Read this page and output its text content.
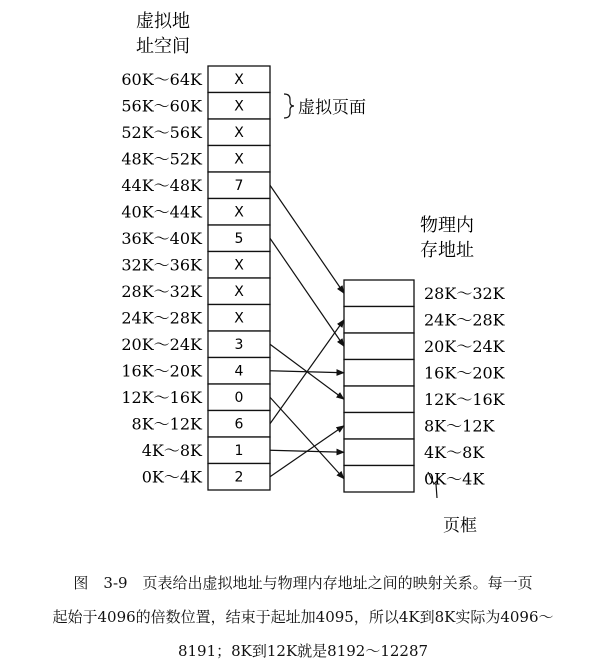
虚拟地
址空间
物理内
存地址
虚拟页面
X
60K～64K
X
56K～60K
X
52K～56K
X
48K～52K
7
44K～48K
X
40K～44K
5
36K～40K
X
32K～36K
X
28K～32K
X
24K～28K
3
20K～24K
4
16K～20K
0
12K～16K
6
8K～12K
1
4K～8K
2
0K～4K
28K～32K
24K～28K
20K～24K
16K～20K
12K～16K
8K～12K
4K～8K
0K～4K
页框
图　3-9　页表给出虚拟地址与物理内存地址之间的映射关系。每一页
起始于4096的倍数位置，结束于起址加4095，所以4K到8K实际为4096～
8191；8K到12K就是8192～12287
